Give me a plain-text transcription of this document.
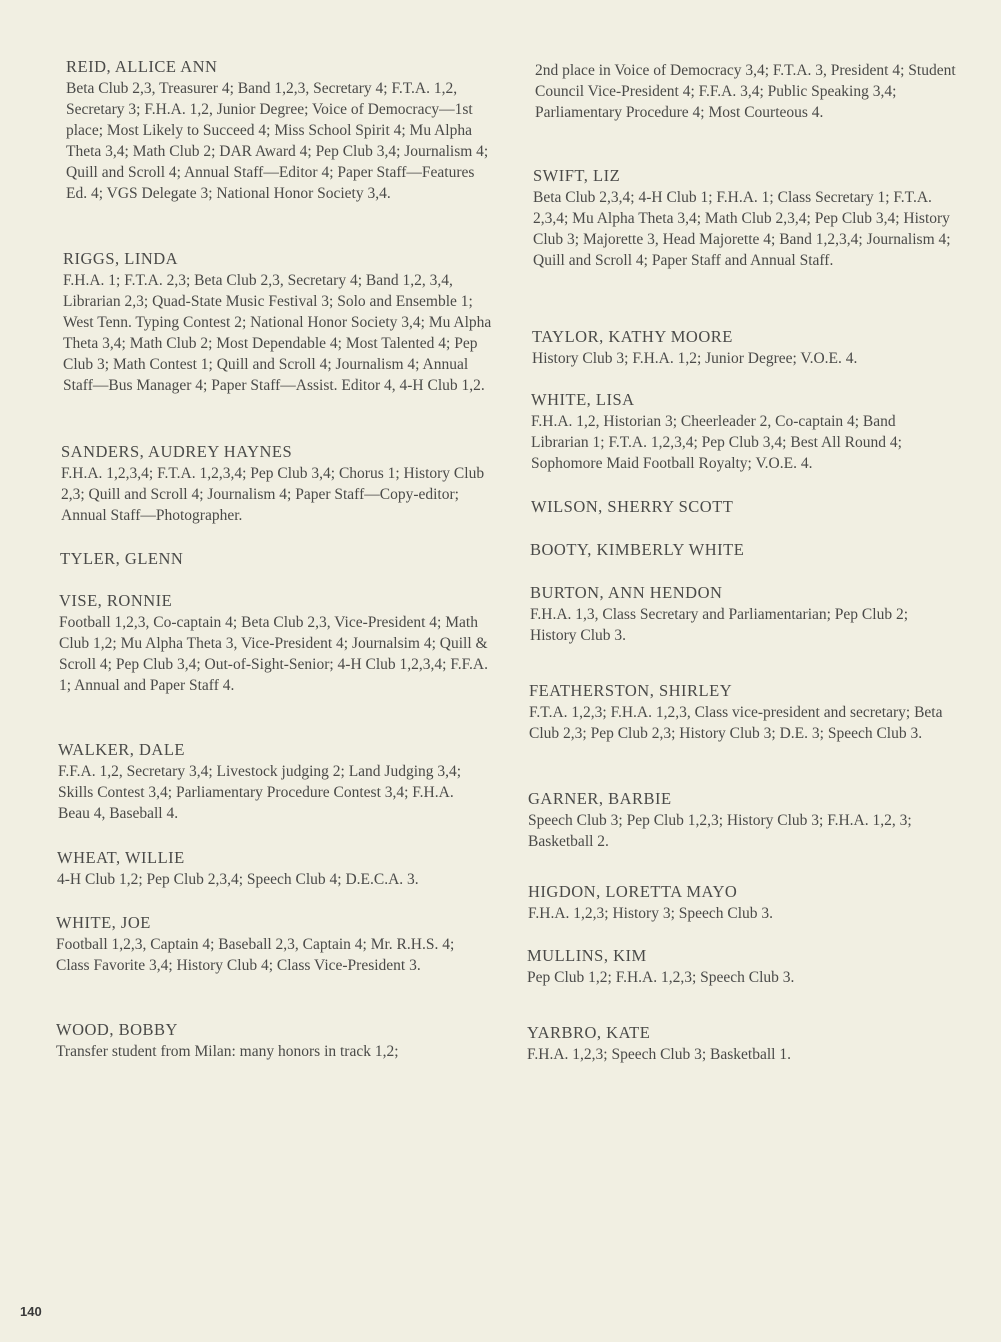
REID, ALLICE ANN

Beta Club 2,3, Treasurer 4; Band 1,2,3, Secretary 4; F.T.A. 1,2, Secretary 3; F.H.A. 1,2, Junior Degree; Voice of Democracy—1st place; Most Likely to Succeed 4; Miss School Spirit 4; Mu Alpha Theta 3,4; Math Club 2; DAR Award 4; Pep Club 3,4; Journalism 4; Quill and Scroll 4; Annual Staff—Editor 4; Paper Staff—Features Ed. 4; VGS Delegate 3; National Honor Society 3,4.

RIGGS, LINDA

F.H.A. 1; F.T.A. 2,3; Beta Club 2,3, Secretary 4; Band 1,2, 3,4, Librarian 2,3; Quad-State Music Festival 3; Solo and Ensemble 1; West Tenn. Typing Contest 2; National Honor Society 3,4; Mu Alpha Theta 3,4; Math Club 2; Most Dependable 4; Most Talented 4; Pep Club 3; Math Contest 1; Quill and Scroll 4; Journalism 4; Annual Staff—Bus Manager 4; Paper Staff—Assist. Editor 4, 4-H Club 1,2.

SANDERS, AUDREY HAYNES

F.H.A. 1,2,3,4; F.T.A. 1,2,3,4; Pep Club 3,4; Chorus 1; History Club 2,3; Quill and Scroll 4; Journalism 4; Paper Staff—Copy-editor; Annual Staff—Photographer.

TYLER, GLENN

VISE, RONNIE

Football 1,2,3, Co-captain 4; Beta Club 2,3, Vice-President 4; Math Club 1,2; Mu Alpha Theta 3, Vice-President 4; Journalsim 4; Quill & Scroll 4; Pep Club 3,4; Out-of-Sight-Senior; 4-H Club 1,2,3,4; F.F.A. 1; Annual and Paper Staff 4.

WALKER, DALE

F.F.A. 1,2, Secretary 3,4; Livestock judging 2; Land Judging 3,4; Skills Contest 3,4; Parliamentary Procedure Contest 3,4; F.H.A. Beau 4, Baseball 4.

WHEAT, WILLIE

4-H Club 1,2; Pep Club 2,3,4; Speech Club 4; D.E.C.A. 3.

WHITE, JOE

Football 1,2,3, Captain 4; Baseball 2,3, Captain 4; Mr. R.H.S. 4; Class Favorite 3,4; History Club 4; Class Vice-President 3.

WOOD, BOBBY

Transfer student from Milan: many honors in track 1,2;

2nd place in Voice of Democracy 3,4; F.T.A. 3, President 4; Student Council Vice-President 4; F.F.A. 3,4; Public Speaking 3,4; Parliamentary Procedure 4; Most Courteous 4.

SWIFT, LIZ

Beta Club 2,3,4; 4-H Club 1; F.H.A. 1; Class Secretary 1; F.T.A. 2,3,4; Mu Alpha Theta 3,4; Math Club 2,3,4; Pep Club 3,4; History Club 3; Majorette 3, Head Majorette 4; Band 1,2,3,4; Journalism 4; Quill and Scroll 4; Paper Staff and Annual Staff.

TAYLOR, KATHY MOORE

History Club 3; F.H.A. 1,2; Junior Degree; V.O.E. 4.

WHITE, LISA

F.H.A. 1,2, Historian 3; Cheerleader 2, Co-captain 4; Band Librarian 1; F.T.A. 1,2,3,4; Pep Club 3,4; Best All Round 4; Sophomore Maid Football Royalty; V.O.E. 4.

WILSON, SHERRY SCOTT
BOOTY, KIMBERLY WHITE
BURTON, ANN HENDON

F.H.A. 1,3, Class Secretary and Parliamentarian; Pep Club 2; History Club 3.

FEATHERSTON, SHIRLEY

F.T.A. 1,2,3; F.H.A. 1,2,3, Class vice-president and secretary; Beta Club 2,3; Pep Club 2,3; History Club 3; D.E. 3; Speech Club 3.

GARNER, BARBIE

Speech Club 3; Pep Club 1,2,3; History Club 3; F.H.A. 1,2, 3; Basketball 2.

HIGDON, LORETTA MAYO

F.H.A. 1,2,3; History 3; Speech Club 3.

MULLINS, KIM

Pep Club 1,2; F.H.A. 1,2,3; Speech Club 3.

YARBRO, KATE

F.H.A. 1,2,3; Speech Club 3; Basketball 1.

140
